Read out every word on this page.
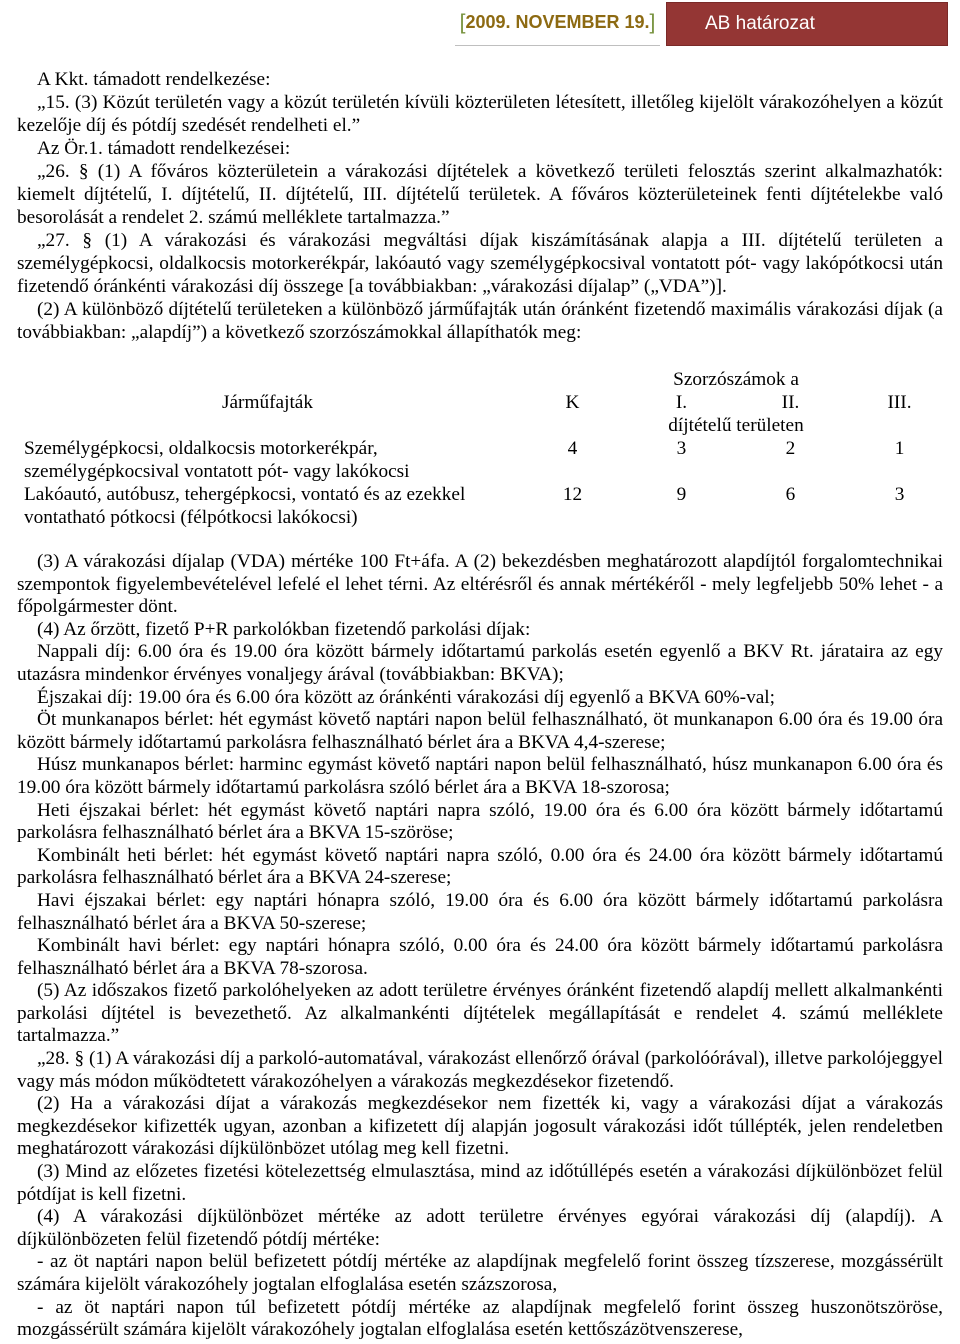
[ 2009. NOVEMBER 19. ]	AB határozat

A Kkt. támadott rendelkezése:

„15. (3) Közút területén vagy a közút területén kívüli közterületen létesített, illetőleg kijelölt várakozóhelyen a közút kezelője díj és pótdíj szedését rendelheti el.”

Az Ör.1. támadott rendelkezései:

„26. § (1) A főváros közterületein a várakozási díjtételek a következő területi felosztás szerint alkalmazhatók: kiemelt díjtételű, I. díjtételű, II. díjtételű, III. díjtételű területek. A főváros közterületeinek fenti díjtételekbe való besorolását a rendelet 2. számú melléklete tartalmazza.”

„27. § (1) A várakozási és várakozási megváltási díjak kiszámításának alapja a III. díjtételű területen a személygépkocsi, oldalkocsis motorkerékpár, lakóautó vagy személygépkocsival vontatott pót- vagy lakópótkocsi után fizetendő óránkénti várakozási díj összege [a továbbiakban: „várakozási díjalap” („VDA”)].

(2) A különböző díjtételű területeken a különböző járműfajták után óránként fizetendő maximális várakozási díjak (a továbbiakban: „alapdíj”) a következő szorzószámokkal állapíthatók meg:

Járműfajták	Szorzószámok a			
	K	I.	II.	III.
	díjtételű területen			
Személygépkocsi, oldalkocsis motorkerékpár, személygépkocsival vontatott pót- vagy lakókocsi	4	3	2	1
Lakóautó, autóbusz, tehergépkocsi, vontató és az ezekkel vontatható pótkocsi (félpótkocsi lakókocsi)	12	9	6	3

(3) A várakozási díjalap (VDA) mértéke 100 Ft+áfa. A (2) bekezdésben meghatározott alapdíjtól forgalomtechnikai szempontok figyelembevételével lefelé el lehet térni. Az eltérésről és annak mértékéről - mely legfeljebb 50% lehet - a főpolgármester dönt.

(4) Az őrzött, fizető P+R parkolókban fizetendő parkolási díjak:

Nappali díj: 6.00 óra és 19.00 óra között bármely időtartamú parkolás esetén egyenlő a BKV Rt. járataira az egy utazásra mindenkor érvényes vonaljegy árával (továbbiakban: BKVA);

Éjszakai díj: 19.00 óra és 6.00 óra között az óránkénti várakozási díj egyenlő a BKVA 60%-val;

Öt munkanapos bérlet: hét egymást követő naptári napon belül felhasználható, öt munkanapon 6.00 óra és 19.00 óra között bármely időtartamú parkolásra felhasználható bérlet ára a BKVA 4,4-szerese;

Húsz munkanapos bérlet: harminc egymást követő naptári napon belül felhasználható, húsz munkanapon 6.00 óra és 19.00 óra között bármely időtartamú parkolásra szóló bérlet ára a BKVA 18-szorosa;

Heti éjszakai bérlet: hét egymást követő naptári napra szóló, 19.00 óra és 6.00 óra között bármely időtartamú parkolásra felhasználható bérlet ára a BKVA 15-szöröse;

Kombinált heti bérlet: hét egymást követő naptári napra szóló, 0.00 óra és 24.00 óra között bármely időtartamú parkolásra felhasználható bérlet ára a BKVA 24-szerese;

Havi éjszakai bérlet: egy naptári hónapra szóló, 19.00 óra és 6.00 óra között bármely időtartamú parkolásra felhasználható bérlet ára a BKVA 50-szerese;

Kombinált havi bérlet: egy naptári hónapra szóló, 0.00 óra és 24.00 óra között bármely időtartamú parkolásra felhasználható bérlet ára a BKVA 78-szorosa.

(5) Az időszakos fizető parkolóhelyeken az adott területre érvényes óránként fizetendő alapdíj mellett alkalmankénti parkolási díjtétel is bevezethető. Az alkalmankénti díjtételek megállapítását e rendelet 4. számú melléklete tartalmazza.”

„28. § (1) A várakozási díj a parkoló-automatával, várakozást ellenőrző órával (parkolóórával), illetve parkolójeggyel vagy más módon működtetett várakozóhelyen a várakozás megkezdésekor fizetendő.

(2) Ha a várakozási díjat a várakozás megkezdésekor nem fizették ki, vagy a várakozási díjat a várakozás megkezdésekor kifizették ugyan, azonban a kifizetett díj alapján jogosult várakozási időt túllépték, jelen rendeletben meghatározott várakozási díjkülönbözet utólag meg kell fizetni.

(3) Mind az előzetes fizetési kötelezettség elmulasztása, mind az időtúllépés esetén a várakozási díjkülönbözet felül pótdíjat is kell fizetni.

(4) A várakozási díjkülönbözet mértéke az adott területre érvényes egyórai várakozási díj (alapdíj). A díjkülönbözeten felül fizetendő pótdíj mértéke:

- az öt naptári napon belül befizetett pótdíj mértéke az alapdíjnak megfelelő forint összeg tízszerese, mozgássérült számára kijelölt várakozóhely jogtalan elfoglalása esetén százszorosa,

- az öt naptári napon túl befizetett pótdíj mértéke az alapdíjnak megfelelő forint összeg huszonötszöröse, mozgássérült számára kijelölt várakozóhely jogtalan elfoglalása esetén kettőszázötvenszerese,
